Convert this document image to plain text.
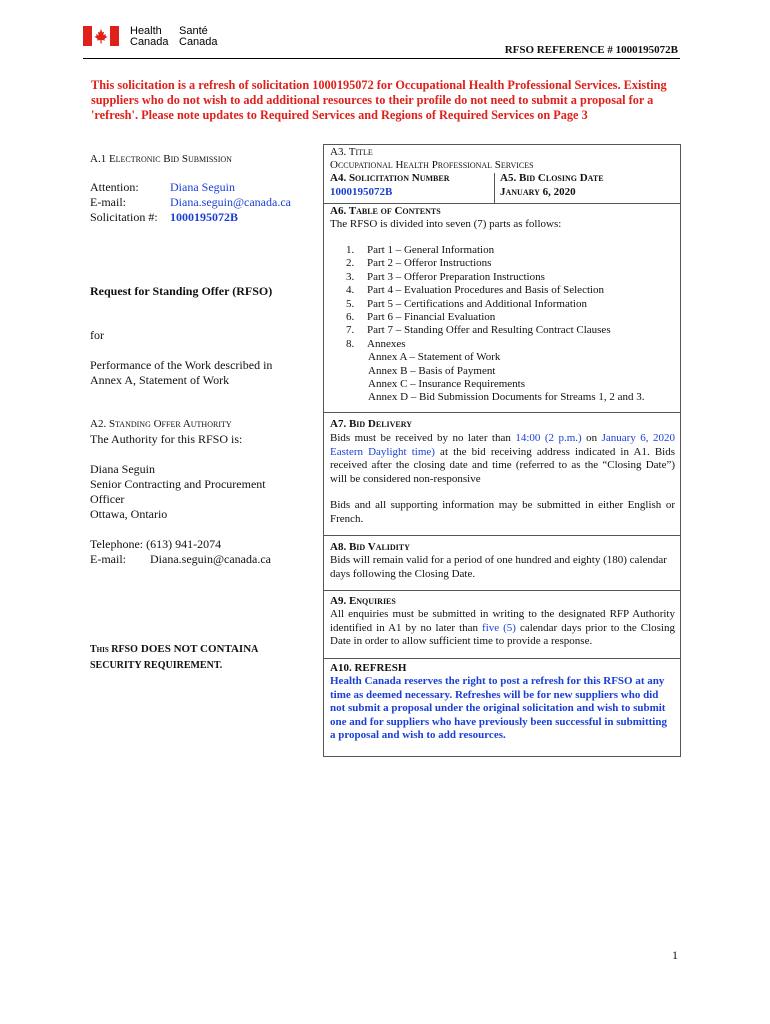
Health
Canada
Santé
Canada
RFSO REFERENCE # 1000195072B
This solicitation is a refresh of solicitation 1000195072 for Occupational Health Professional Services. Existing suppliers who do not wish to add additional resources to their profile do not need to submit a proposal for a 'refresh'. Please note updates to Required Services and Regions of Required Services on Page 3
A.1 Electronic Bid Submission
Attention:	Diana Seguin
E-mail:	Diana.seguin@canada.ca
Solicitation #:	1000195072B
Request for Standing Offer (RFSO)
for
Performance of the Work described in Annex A, Statement of Work
A2. Standing Offer Authority
The Authority for this RFSO is:
Diana Seguin
Senior Contracting and Procurement
Officer
Ottawa, Ontario
Telephone: (613) 941-2074
E-mail:	Diana.seguin@canada.ca
This RFSO DOES NOT CONTAINA
SECURITY REQUIREMENT.
A3. Title
Occupational Health Professional Services
A4. Solicitation Number
1000195072B
A5. Bid Closing Date
January 6, 2020
A6. Table of Contents
The RFSO is divided into seven (7) parts as follows:
1.	Part 1 – General Information
2.	Part 2 – Offeror Instructions
3.	Part 3 – Offeror Preparation Instructions
4.	Part 4 – Evaluation Procedures and Basis of Selection
5.	Part 5 – Certifications and Additional Information
6.	Part 6 – Financial Evaluation
7.	Part 7 – Standing Offer and Resulting Contract Clauses
8.	Annexes
Annex A – Statement of Work
Annex B – Basis of Payment
Annex C – Insurance Requirements
Annex D – Bid Submission Documents for Streams 1, 2 and 3.
A7. Bid Delivery
Bids must be received by no later than 14:00 (2 p.m.) on January 6, 2020 Eastern Daylight time) at the bid receiving address indicated in A1. Bids received after the closing date and time (referred to as the “Closing Date”) will be considered non-responsive
Bids and all supporting information may be submitted in either English or French.
A8. Bid Validity
Bids will remain valid for a period of one hundred and eighty (180) calendar days following the Closing Date.
A9. Enquiries
All enquiries must be submitted in writing to the designated RFP Authority identified in A1 by no later than five (5) calendar days prior to the Closing Date in order to allow sufficient time to provide a response.
A10. REFRESH
Health Canada reserves the right to post a refresh for this RFSO at any time as deemed necessary. Refreshes will be for new suppliers who did not submit a proposal under the original solicitation and wish to submit one and for suppliers who have previously been successful in submitting a proposal and wish to add resources.
1
